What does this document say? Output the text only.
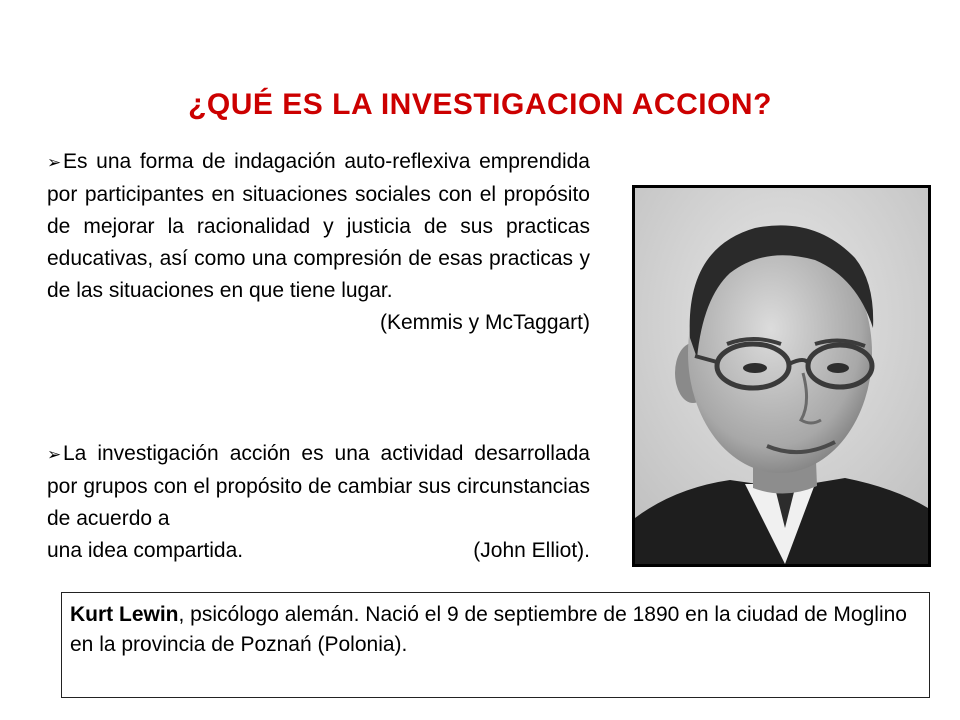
¿QUÉ ES LA INVESTIGACION ACCION?

➢Es una forma de indagación auto-reflexiva emprendida por participantes en situaciones sociales con el propósito de mejorar la racionalidad y justicia de sus practicas educativas, así como una compresión de esas practicas y de las situaciones en que tiene lugar.
(Kemmis y McTaggart)

➢La investigación acción es una actividad desarrollada por grupos con el propósito de cambiar sus circunstancias de acuerdo a
una idea compartida.	(John Elliot).

Kurt Lewin, psicólogo alemán. Nació el 9 de septiembre de 1890 en la ciudad de Moglino en la provincia de Poznań (Polonia).
